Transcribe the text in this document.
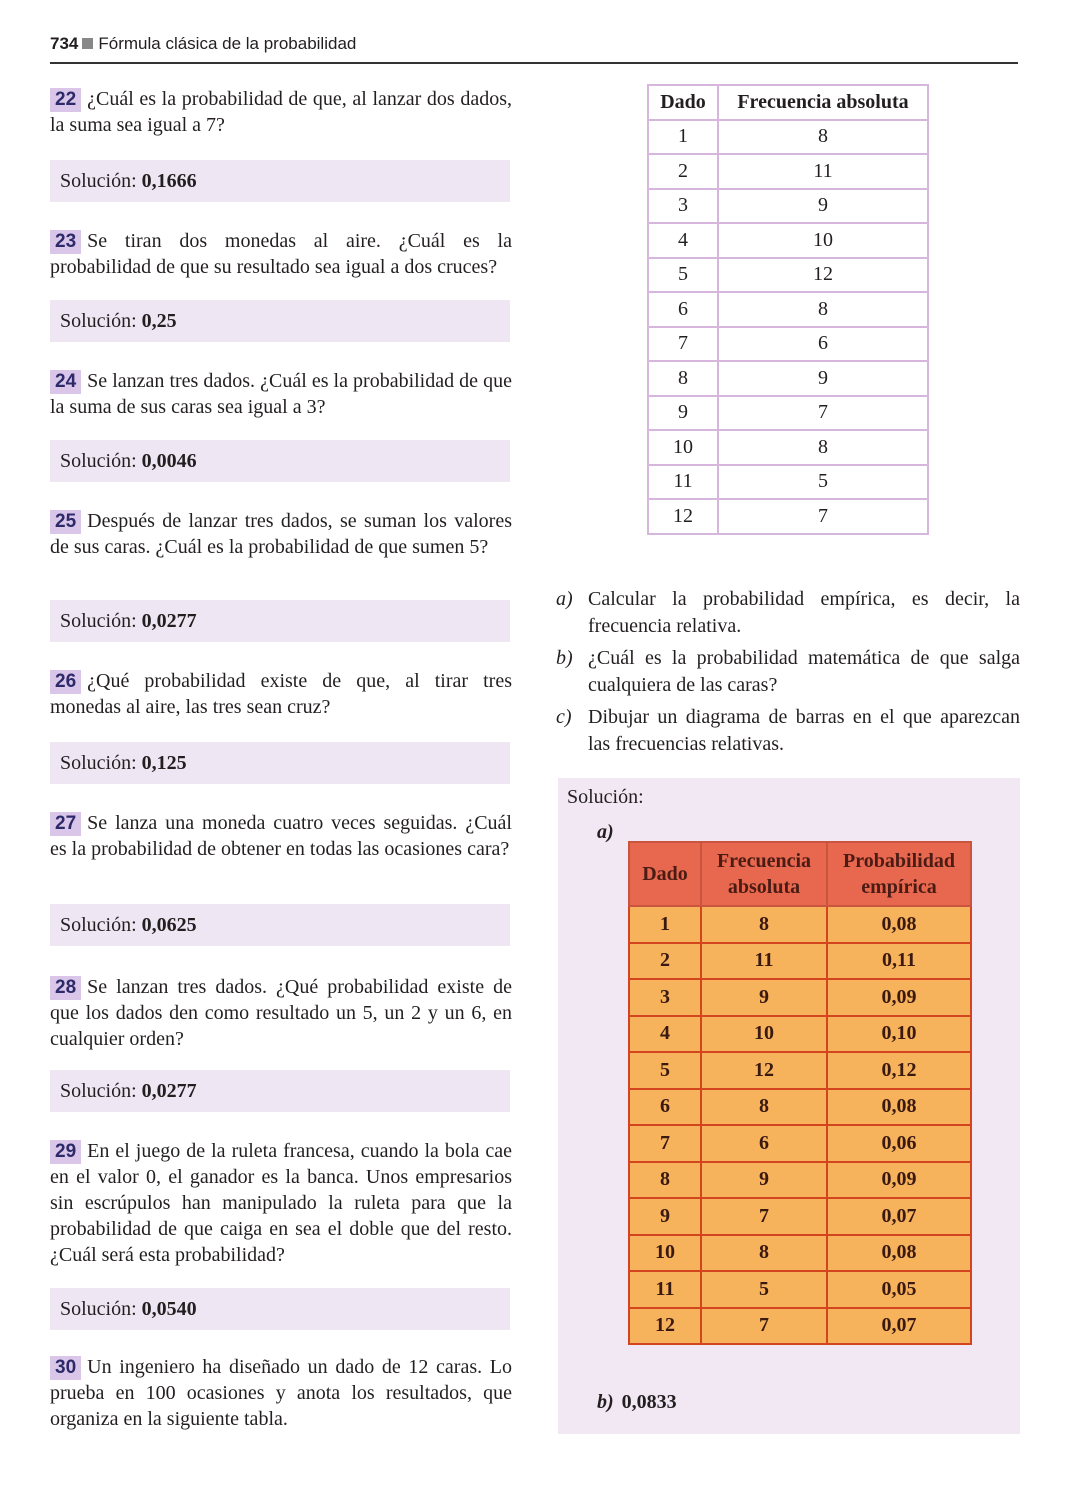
734 Fórmula clásica de la probabilidad
22 ¿Cuál es la probabilidad de que, al lanzar dos dados, la suma sea igual a 7?
Solución: 0,1666
23 Se tiran dos monedas al aire. ¿Cuál es la probabilidad de que su resultado sea igual a dos cruces?
Solución: 0,25
24 Se lanzan tres dados. ¿Cuál es la probabilidad de que la suma de sus caras sea igual a 3?
Solución: 0,0046
25 Después de lanzar tres dados, se suman los valores de sus caras. ¿Cuál es la probabilidad de que sumen 5?
Solución: 0,0277
26 ¿Qué probabilidad existe de que, al tirar tres monedas al aire, las tres sean cruz?
Solución: 0,125
27 Se lanza una moneda cuatro veces seguidas. ¿Cuál es la probabilidad de obtener en todas las ocasiones cara?
Solución: 0,0625
28 Se lanzan tres dados. ¿Qué probabilidad existe de que los dados den como resultado un 5, un 2 y un 6, en cualquier orden?
Solución: 0,0277
29 En el juego de la ruleta francesa, cuando la bola cae en el valor 0, el ganador es la banca. Unos empresarios sin escrúpulos han manipulado la ruleta para que la probabilidad de que caiga en sea el doble que del resto. ¿Cuál será esta probabilidad?
Solución: 0,0540
30 Un ingeniero ha diseñado un dado de 12 caras. Lo prueba en 100 ocasiones y anota los resultados, que organiza en la siguiente tabla.
Dado	Frecuencia absoluta
1	8
2	11
3	9
4	10
5	12
6	8
7	6
8	9
9	7
10	8
11	5
12	7
a) Calcular la probabilidad empírica, es decir, la frecuencia relativa.
b) ¿Cuál es la probabilidad matemática de que salga cualquiera de las caras?
c) Dibujar un diagrama de barras en el que aparezcan las frecuencias relativas.
Solución:
a)
Dado	Frecuencia absoluta	Probabilidad empírica
1	8	0,08
2	11	0,11
3	9	0,09
4	10	0,10
5	12	0,12
6	8	0,08
7	6	0,06
8	9	0,09
9	7	0,07
10	8	0,08
11	5	0,05
12	7	0,07
b) 0,0833
